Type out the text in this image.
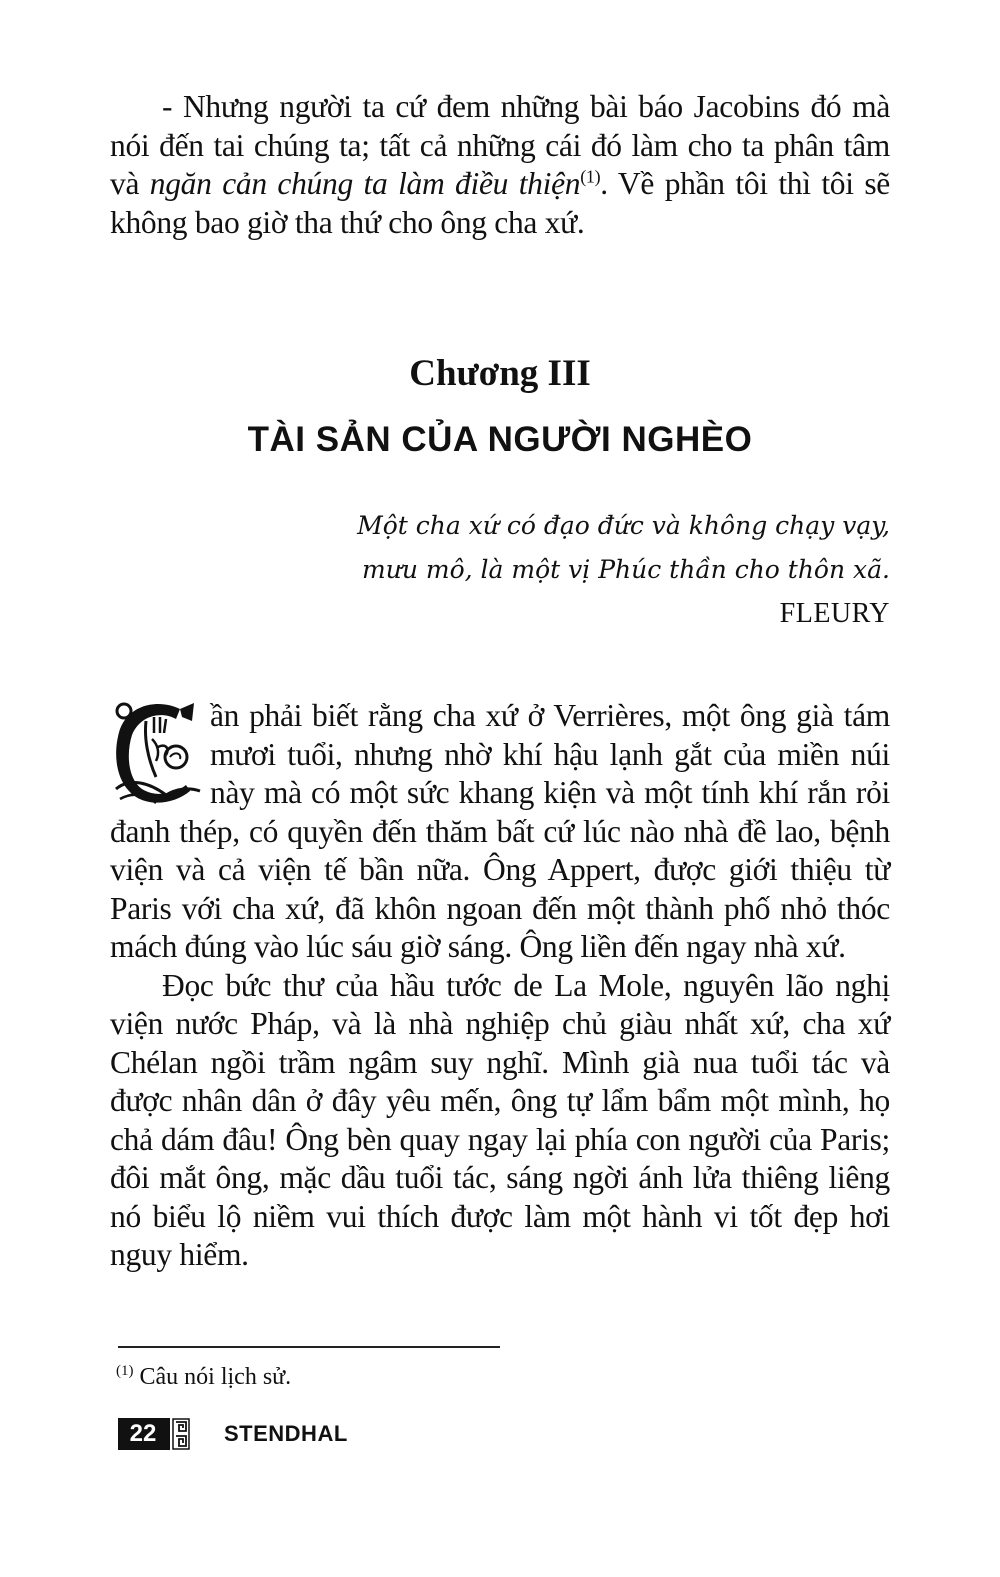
- Nhưng người ta cứ đem những bài báo Jacobins đó mà nói đến tai chúng ta; tất cả những cái đó làm cho ta phân tâm và ngăn cản chúng ta làm điều thiện$^{(1)}$. Về phần tôi thì tôi sẽ không bao giờ tha thứ cho ông cha xứ.

Chương III
TÀI SẢN CỦA NGƯỜI NGHÈO
Một cha xứ có đạo đức và không chạy vạy,
mưu mô, là một vị Phúc thần cho thôn xã.
FLEURY

ần phải biết rằng cha xứ ở Verrières, một ông già tám mươi tuổi, nhưng nhờ khí hậu lạnh gắt của miền núi này mà có một sức khang kiện và một tính khí rắn rỏi đanh thép, có quyền đến thăm bất cứ lúc nào nhà đề lao, bệnh viện và cả viện tế bần nữa. Ông Appert, được giới thiệu từ Paris với cha xứ, đã khôn ngoan đến một thành phố nhỏ thóc mách đúng vào lúc sáu giờ sáng. Ông liền đến ngay nhà xứ.

Đọc bức thư của hầu tước de La Mole, nguyên lão nghị viện nước Pháp, và là nhà nghiệp chủ giàu nhất xứ, cha xứ Chélan ngồi trầm ngâm suy nghĩ. Mình già nua tuổi tác và được nhân dân ở đây yêu mến, ông tự lẩm bẩm một mình, họ chả dám đâu! Ông bèn quay ngay lại phía con người của Paris; đôi mắt ông, mặc dầu tuổi tác, sáng ngời ánh lửa thiêng liêng nó biểu lộ niềm vui thích được làm một hành vi tốt đẹp hơi nguy hiểm.

$^{(1)}$ Câu nói lịch sử.
22	STENDHAL
